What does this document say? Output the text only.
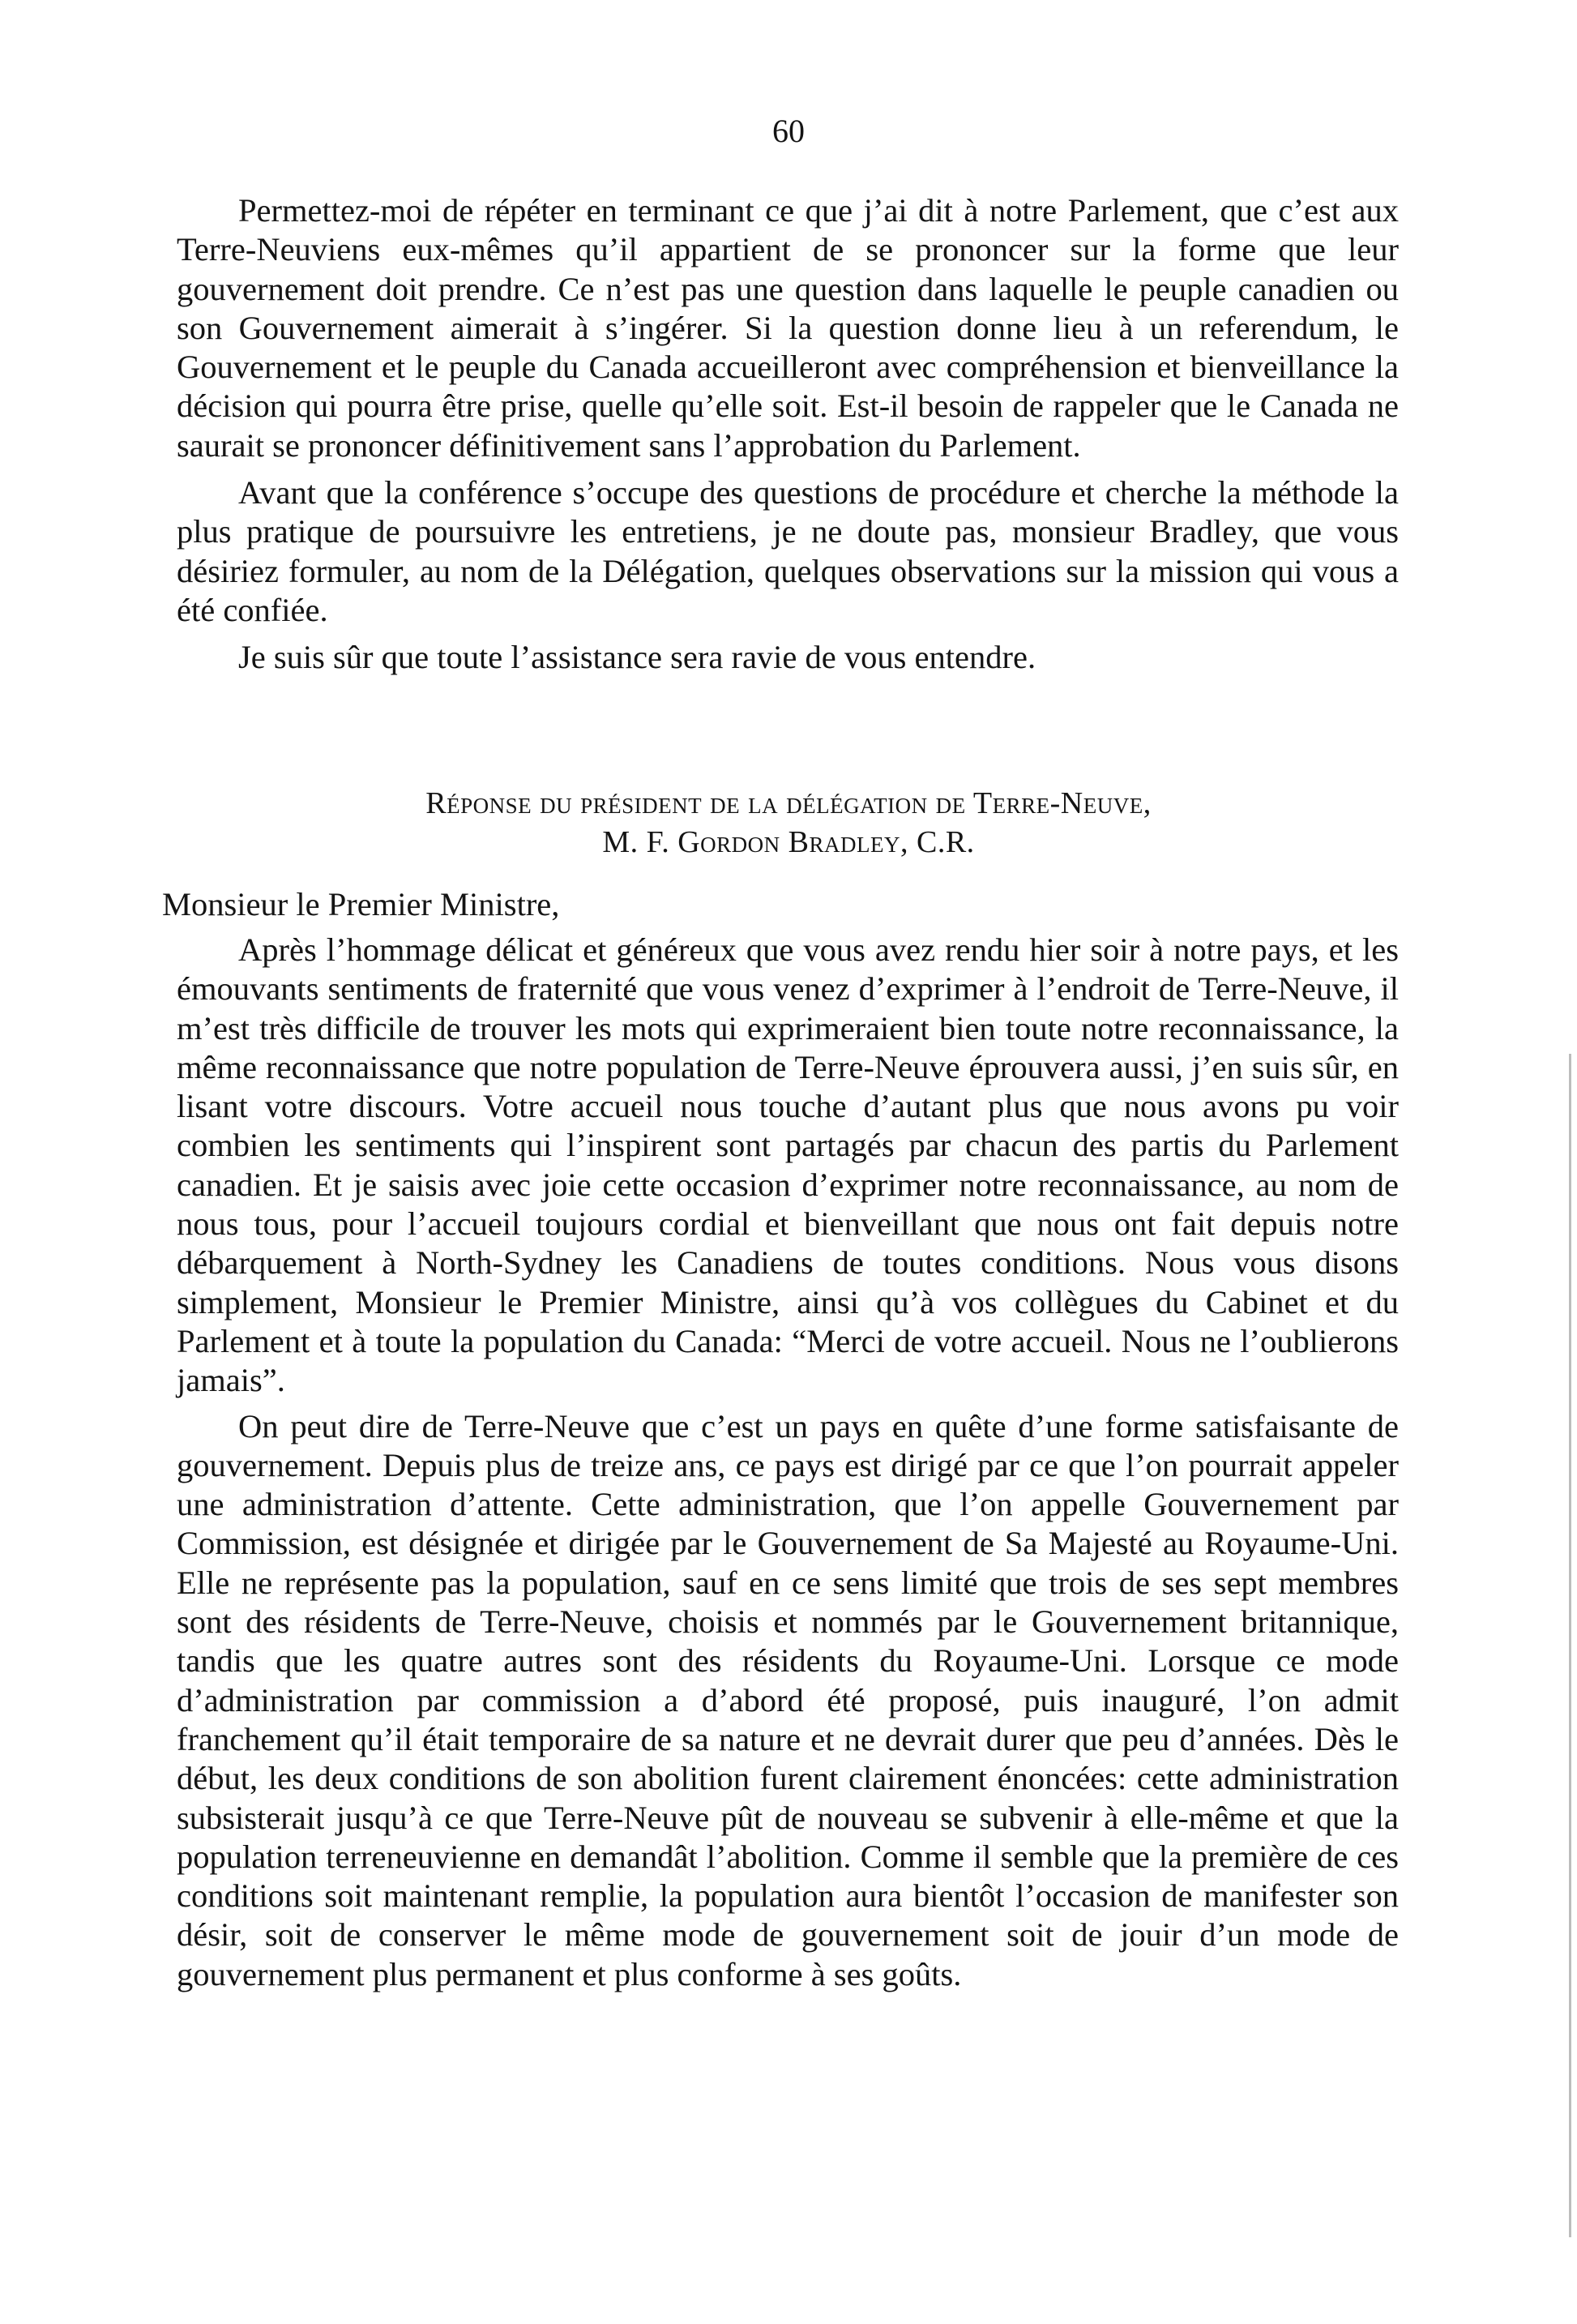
60

Permettez-moi de répéter en terminant ce que j’ai dit à notre Parlement, que c’est aux Terre-Neuviens eux-mêmes qu’il appartient de se prononcer sur la forme que leur gouvernement doit prendre. Ce n’est pas une question dans laquelle le peuple canadien ou son Gouvernement aimerait à s’ingérer. Si la question donne lieu à un referendum, le Gouvernement et le peuple du Canada accueilleront avec compréhension et bienveillance la décision qui pourra être prise, quelle qu’elle soit. Est-il besoin de rappeler que le Canada ne saurait se prononcer définitivement sans l’approbation du Parlement.

Avant que la conférence s’occupe des questions de procédure et cherche la méthode la plus pratique de poursuivre les entretiens, je ne doute pas, monsieur Bradley, que vous désiriez formuler, au nom de la Délégation, quelques observations sur la mission qui vous a été confiée.

Je suis sûr que toute l’assistance sera ravie de vous entendre.

Réponse du président de la délégation de Terre-Neuve,
M. F. Gordon Bradley, C.R.
Monsieur le Premier Ministre,

Après l’hommage délicat et généreux que vous avez rendu hier soir à notre pays, et les émouvants sentiments de fraternité que vous venez d’exprimer à l’endroit de Terre-Neuve, il m’est très difficile de trouver les mots qui exprimeraient bien toute notre reconnaissance, la même reconnaissance que notre population de Terre-Neuve éprouvera aussi, j’en suis sûr, en lisant votre discours. Votre accueil nous touche d’autant plus que nous avons pu voir combien les sentiments qui l’inspirent sont partagés par chacun des partis du Parlement canadien. Et je saisis avec joie cette occasion d’exprimer notre reconnaissance, au nom de nous tous, pour l’accueil toujours cordial et bienveillant que nous ont fait depuis notre débarquement à North-Sydney les Canadiens de toutes conditions. Nous vous disons simplement, Monsieur le Premier Ministre, ainsi qu’à vos collègues du Cabinet et du Parlement et à toute la population du Canada: “Merci de votre accueil. Nous ne l’oublierons jamais”.

On peut dire de Terre-Neuve que c’est un pays en quête d’une forme satisfaisante de gouvernement. Depuis plus de treize ans, ce pays est dirigé par ce que l’on pourrait appeler une administration d’attente. Cette administration, que l’on appelle Gouvernement par Commission, est désignée et dirigée par le Gouvernement de Sa Majesté au Royaume-Uni. Elle ne représente pas la population, sauf en ce sens limité que trois de ses sept membres sont des résidents de Terre-Neuve, choisis et nommés par le Gouvernement britannique, tandis que les quatre autres sont des résidents du Royaume-Uni. Lorsque ce mode d’administration par commission a d’abord été proposé, puis inauguré, l’on admit franchement qu’il était temporaire de sa nature et ne devrait durer que peu d’années. Dès le début, les deux conditions de son abolition furent clairement énoncées: cette administration subsisterait jusqu’à ce que Terre-Neuve pût de nouveau se subvenir à elle-même et que la population terreneuvienne en demandât l’abolition. Comme il semble que la première de ces conditions soit maintenant remplie, la population aura bientôt l’occasion de manifester son désir, soit de conserver le même mode de gouvernement soit de jouir d’un mode de gouvernement plus permanent et plus conforme à ses goûts.
